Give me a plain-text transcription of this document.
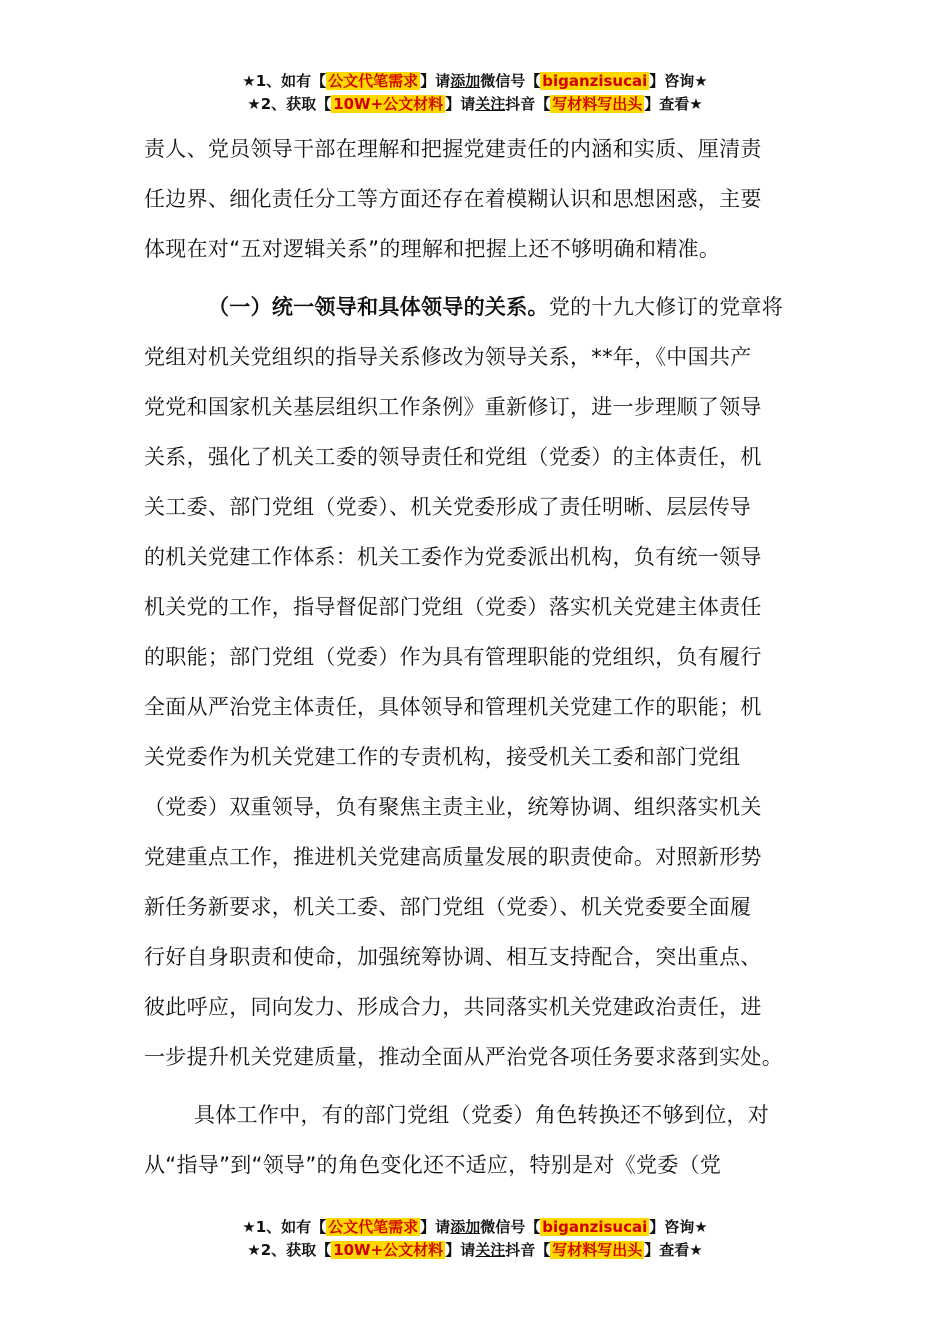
★1、如有【 公文代笔需求 】请添加微信号【 biganzisucai 】咨询★
★2、获取【 10W+公文材料 】请关注抖音【 写材料写出头 】查看★
责人、党员领导干部在理解和把握党建责任的内涵和实质、厘清责
任边界、细化责任分工等方面还存在着模糊认识和思想困惑，主要
体现在对“五对逻辑关系”的理解和把握上还不够明确和精准。
（一）统一领导和具体领导的关系。党的十九大修订的党章将
党组对机关党组织的指导关系修改为领导关系，**年，《中国共产
党党和国家机关基层组织工作条例》重新修订，进一步理顺了领导
关系，强化了机关工委的领导责任和党组（党委）的主体责任，机
关工委、部门党组（党委）、机关党委形成了责任明晰、层层传导
的机关党建工作体系：机关工委作为党委派出机构，负有统一领导
机关党的工作，指导督促部门党组（党委）落实机关党建主体责任
的职能；部门党组（党委）作为具有管理职能的党组织，负有履行
全面从严治党主体责任，具体领导和管理机关党建工作的职能；机
关党委作为机关党建工作的专责机构，接受机关工委和部门党组
（党委）双重领导，负有聚焦主责主业，统筹协调、组织落实机关
党建重点工作，推进机关党建高质量发展的职责使命。对照新形势
新任务新要求，机关工委、部门党组（党委）、机关党委要全面履
行好自身职责和使命，加强统筹协调、相互支持配合，突出重点、
彼此呼应，同向发力、形成合力，共同落实机关党建政治责任，进
一步提升机关党建质量，推动全面从严治党各项任务要求落到实处。
具体工作中，有的部门党组（党委）角色转换还不够到位，对
从“指导”到“领导”的角色变化还不适应，特别是对《党委（党
★1、如有【 公文代笔需求 】请添加微信号【 biganzisucai 】咨询★
★2、获取【 10W+公文材料 】请关注抖音【 写材料写出头 】查看★
